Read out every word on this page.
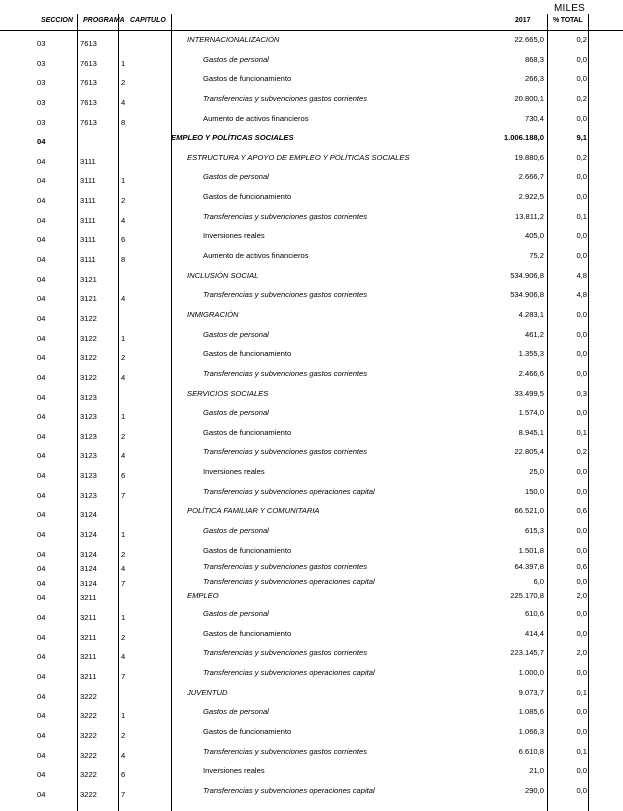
MILES
SECCION PROGRAMA CAPITULO	2017	% TOTAL
03	7613	INTERNACIONALIZACIÓN	22.665,0	0,2
03	7613	1	Gastos de personal	868,3	0,0
03	7613	2	Gastos de funcionamiento	266,3	0,0
03	7613	4	Transferencias y subvenciones gastos corrientes	20.800,1	0,2
03	7613	8	Aumento de activos financieros	730,4	0,0
04	EMPLEO Y POLÍTICAS SOCIALES	1.006.188,0	9,1
04	3111	ESTRUCTURA Y APOYO DE EMPLEO Y POLÍTICAS SOCIALES	19.880,6	0,2
04	3111	1	Gastos de personal	2.666,7	0,0
04	3111	2	Gastos de funcionamiento	2.922,5	0,0
04	3111	4	Transferencias y subvenciones gastos corrientes	13.811,2	0,1
04	3111	6	Inversiones reales	405,0	0,0
04	3111	8	Aumento de activos financieros	75,2	0,0
04	3121	INCLUSIÓN SOCIAL	534.906,8	4,8
04	3121	4	Transferencias y subvenciones gastos corrientes	534.906,8	4,8
04	3122	INMIGRACIÓN	4.283,1	0,0
04	3122	1	Gastos de personal	461,2	0,0
04	3122	2	Gastos de funcionamiento	1.355,3	0,0
04	3122	4	Transferencias y subvenciones gastos corrientes	2.466,6	0,0
04	3123	SERVICIOS SOCIALES	33.499,5	0,3
04	3123	1	Gastos de personal	1.574,0	0,0
04	3123	2	Gastos de funcionamiento	8.945,1	0,1
04	3123	4	Transferencias y subvenciones gastos corrientes	22.805,4	0,2
04	3123	6	Inversiones reales	25,0	0,0
04	3123	7	Transferencias y subvenciones operaciones capital	150,0	0,0
04	3124	POLÍTICA FAMILIAR Y COMUNITARIA	66.521,0	0,6
04	3124	1	Gastos de personal	615,3	0,0
04	3124	2	Gastos de funcionamiento	1.501,8	0,0
04	3124	4	Transferencias y subvenciones gastos corrientes	64.397,8	0,6
04	3124	7	Transferencias y subvenciones operaciones capital	6,0	0,0
04	3211	EMPLEO	225.170,8	2,0
04	3211	1	Gastos de personal	610,6	0,0
04	3211	2	Gastos de funcionamiento	414,4	0,0
04	3211	4	Transferencias y subvenciones gastos corrientes	223.145,7	2,0
04	3211	7	Transferencias y subvenciones operaciones capital	1.000,0	0,0
04	3222	JUVENTUD	9.073,7	0,1
04	3222	1	Gastos de personal	1.085,6	0,0
04	3222	2	Gastos de funcionamiento	1.066,3	0,0
04	3222	4	Transferencias y subvenciones gastos corrientes	6.610,8	0,1
04	3222	6	Inversiones reales	21,0	0,0
04	3222	7	Transferencias y subvenciones operaciones capital	290,0	0,0
